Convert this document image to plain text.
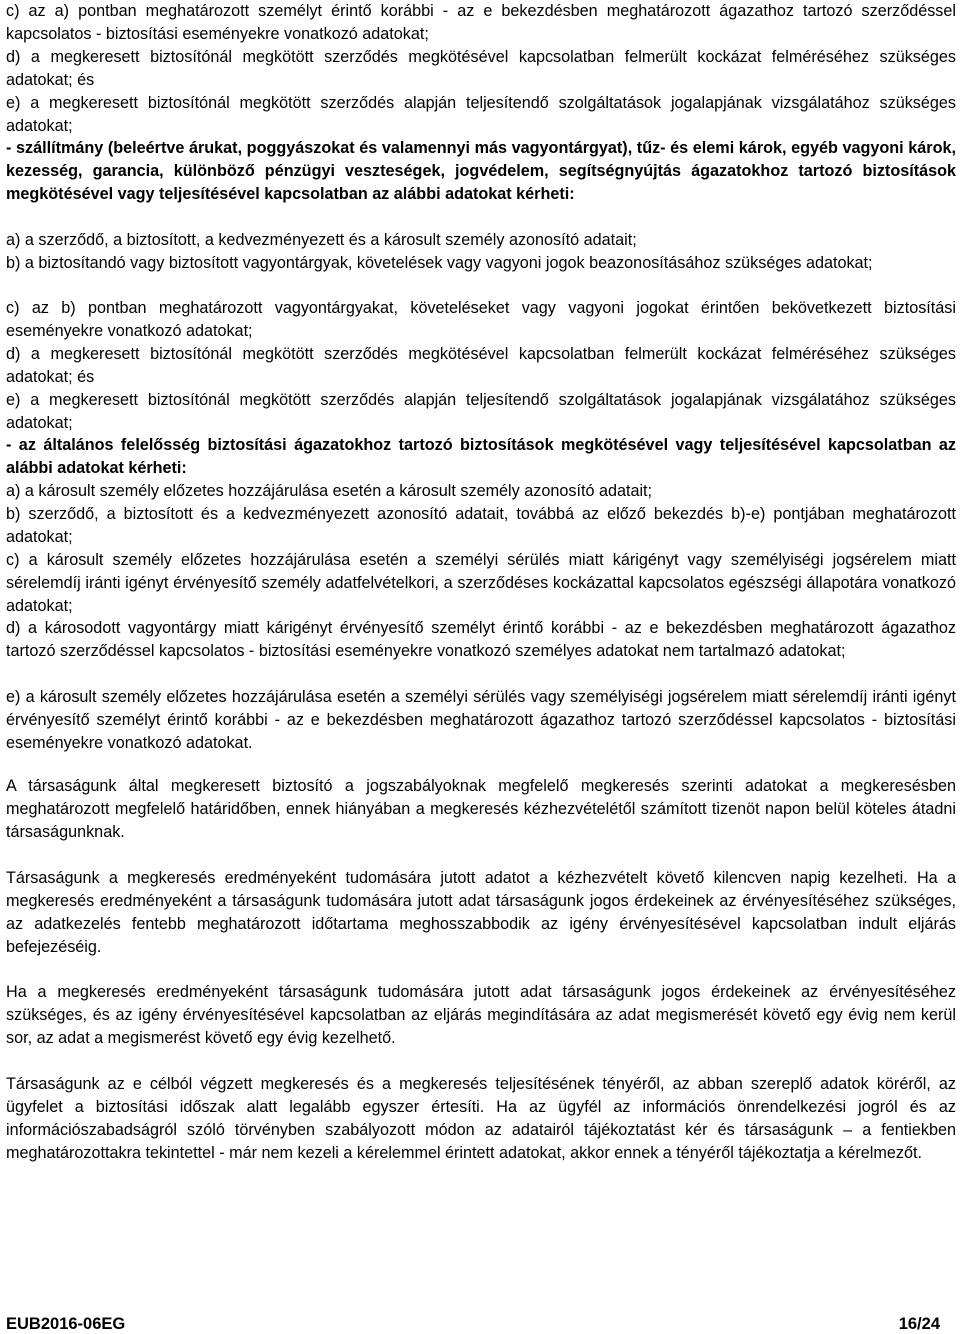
c) az a) pontban meghatározott személyt érintő korábbi - az e bekezdésben meghatározott ágazathoz tartozó szerződéssel kapcsolatos - biztosítási eseményekre vonatkozó adatokat;

d) a megkeresett biztosítónál megkötött szerződés megkötésével kapcsolatban felmerült kockázat felméréséhez szükséges adatokat; és

e) a megkeresett biztosítónál megkötött szerződés alapján teljesítendő szolgáltatások jogalapjának vizsgálatához szükséges adatokat;

- szállítmány (beleértve árukat, poggyászokat és valamennyi más vagyontárgyat), tűz- és elemi károk, egyéb vagyoni károk, kezesség, garancia, különböző pénzügyi veszteségek, jogvédelem, segítségnyújtás ágazatokhoz tartozó biztosítások megkötésével vagy teljesítésével kapcsolatban az alábbi adatokat kérheti:

a) a szerződő, a biztosított, a kedvezményezett és a károsult személy azonosító adatait;

b) a biztosítandó vagy biztosított vagyontárgyak, követelések vagy vagyoni jogok beazonosításához szükséges adatokat;

c) az b) pontban meghatározott vagyontárgyakat, követeléseket vagy vagyoni jogokat érintően bekövetkezett biztosítási eseményekre vonatkozó adatokat;

d) a megkeresett biztosítónál megkötött szerződés megkötésével kapcsolatban felmerült kockázat felméréséhez szükséges adatokat; és

e) a megkeresett biztosítónál megkötött szerződés alapján teljesítendő szolgáltatások jogalapjának vizsgálatához szükséges adatokat;

- az általános felelősség biztosítási ágazatokhoz tartozó biztosítások megkötésével vagy teljesítésével kapcsolatban az alábbi adatokat kérheti:

a) a károsult személy előzetes hozzájárulása esetén a károsult személy azonosító adatait;

b) szerződő, a biztosított és a kedvezményezett azonosító adatait, továbbá az előző bekezdés b)-e) pontjában meghatározott adatokat;

c) a károsult személy előzetes hozzájárulása esetén a személyi sérülés miatt kárigényt vagy személyiségi jogsérelem miatt sérelemdíj iránti igényt érvényesítő személy adatfelvételkori, a szerződéses kockázattal kapcsolatos egészségi állapotára vonatkozó adatokat;

d) a károsodott vagyontárgy miatt kárigényt érvényesítő személyt érintő korábbi - az e bekezdésben meghatározott ágazathoz tartozó szerződéssel kapcsolatos - biztosítási eseményekre vonatkozó személyes adatokat nem tartalmazó adatokat;

e) a károsult személy előzetes hozzájárulása esetén a személyi sérülés vagy személyiségi jogsérelem miatt sérelemdíj iránti igényt érvényesítő személyt érintő korábbi - az e bekezdésben meghatározott ágazathoz tartozó szerződéssel kapcsolatos - biztosítási eseményekre vonatkozó adatokat.

A társaságunk által megkeresett biztosító a jogszabályoknak megfelelő megkeresés szerinti adatokat a megkeresésben meghatározott megfelelő határidőben, ennek hiányában a megkeresés kézhezvételétől számított tizenöt napon belül köteles átadni társaságunknak.

Társaságunk a megkeresés eredményeként tudomására jutott adatot a kézhezvételt követő kilencven napig kezelheti. Ha a megkeresés eredményeként a társaságunk tudomására jutott adat társaságunk jogos érdekeinek az érvényesítéséhez szükséges, az adatkezelés fentebb meghatározott időtartama meghosszabbodik az igény érvényesítésével kapcsolatban indult eljárás befejezéséig.

Ha a megkeresés eredményeként társaságunk tudomására jutott adat társaságunk jogos érdekeinek az érvényesítéséhez szükséges, és az igény érvényesítésével kapcsolatban az eljárás megindítására az adat megismerését követő egy évig nem kerül sor, az adat a megismerést követő egy évig kezelhető.

Társaságunk az e célból végzett megkeresés és a megkeresés teljesítésének tényéről, az abban szereplő adatok köréről, az ügyfelet a biztosítási időszak alatt legalább egyszer értesíti. Ha az ügyfél az információs önrendelkezési jogról és az információszabadságról szóló törvényben szabályozott módon az adatairól tájékoztatást kér és társaságunk – a fentiekben meghatározottakra tekintettel - már nem kezeli a kérelemmel érintett adatokat, akkor ennek a tényéről tájékoztatja a kérelmezőt.

EUB2016-06EG	16/24
